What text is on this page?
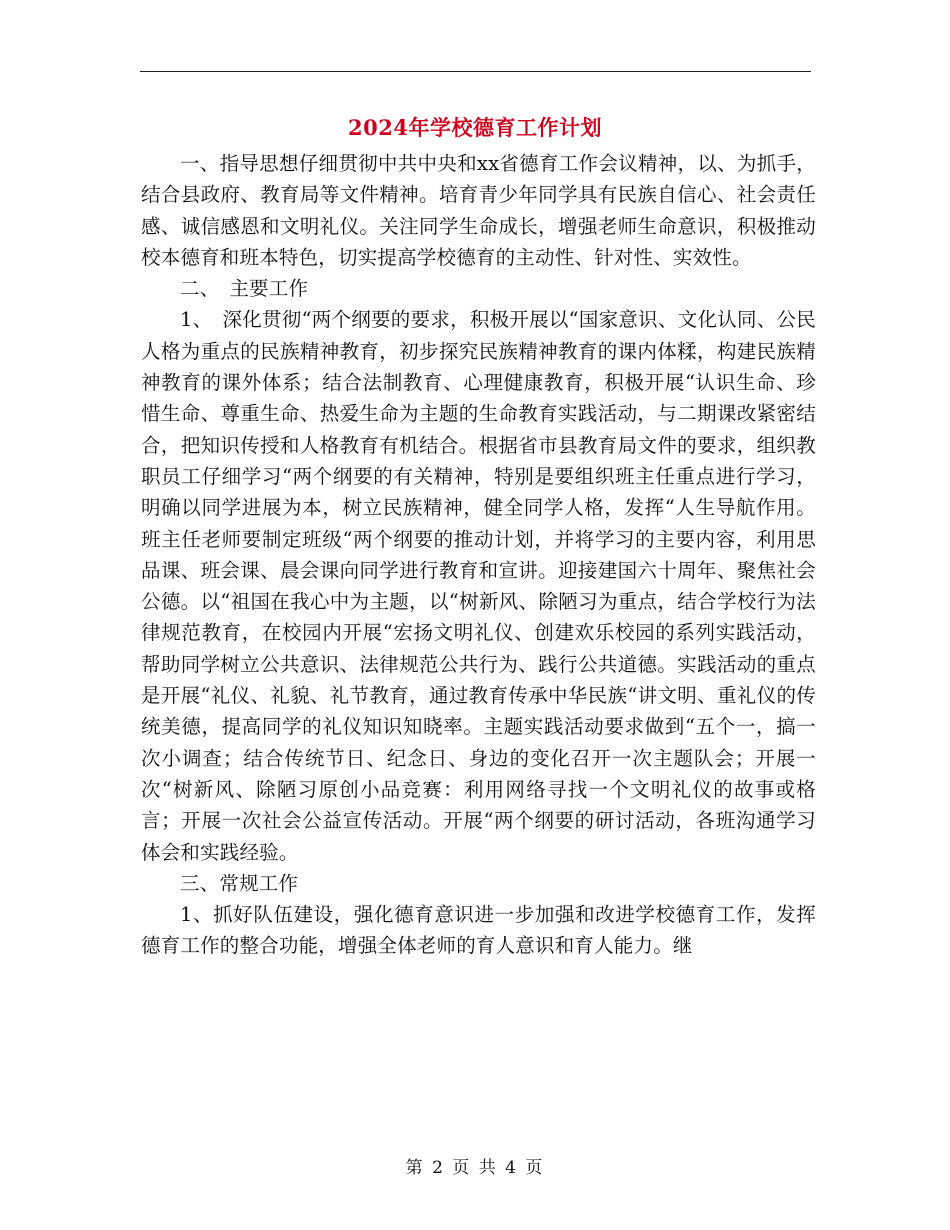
2024年学校德育工作计划

一、指导思想仔细贯彻中共中央和xx省德育工作会议精神，以、为抓手，结合县政府、教育局等文件精神。培育青少年同学具有民族自信心、社会责任感、诚信感恩和文明礼仪。关注同学生命成长，增强老师生命意识，积极推动校本德育和班本特色，切实提高学校德育的主动性、针对性、实效性。

二、　主要工作

1、　深化贯彻“两个纲要的要求，积极开展以“国家意识、文化认同、公民人格为重点的民族精神教育，初步探究民族精神教育的课内体糅，构建民族精神教育的课外体系；结合法制教育、心理健康教育，积极开展“认识生命、珍惜生命、尊重生命、热爱生命为主题的生命教育实践活动，与二期课改紧密结合，把知识传授和人格教育有机结合。根据省市县教育局文件的要求，组织教职员工仔细学习“两个纲要的有关精神，特别是要组织班主任重点进行学习，明确以同学进展为本，树立民族精神，健全同学人格，发挥“人生导航作用。班主任老师要制定班级“两个纲要的推动计划，并将学习的主要内容，利用思品课、班会课、晨会课向同学进行教育和宣讲。迎接建国六十周年、聚焦社会公德。以“祖国在我心中为主题，以“树新风、除陋习为重点，结合学校行为法律规范教育，在校园内开展“宏扬文明礼仪、创建欢乐校园的系列实践活动，帮助同学树立公共意识、法律规范公共行为、践行公共道德。实践活动的重点是开展“礼仪、礼貌、礼节教育，通过教育传承中华民族“讲文明、重礼仪的传统美德，提高同学的礼仪知识知晓率。主题实践活动要求做到“五个一，搞一次小调查；结合传统节日、纪念日、身边的变化召开一次主题队会；开展一次“树新风、除陋习原创小品竞赛：利用网络寻找一个文明礼仪的故事或格言；开展一次社会公益宣传活动。开展“两个纲要的研讨活动，各班沟通学习体会和实践经验。

三、常规工作

1、抓好队伍建设，强化德育意识进一步加强和改进学校德育工作，发挥德育工作的整合功能，增强全体老师的育人意识和育人能力。继

第 2 页 共 4 页
